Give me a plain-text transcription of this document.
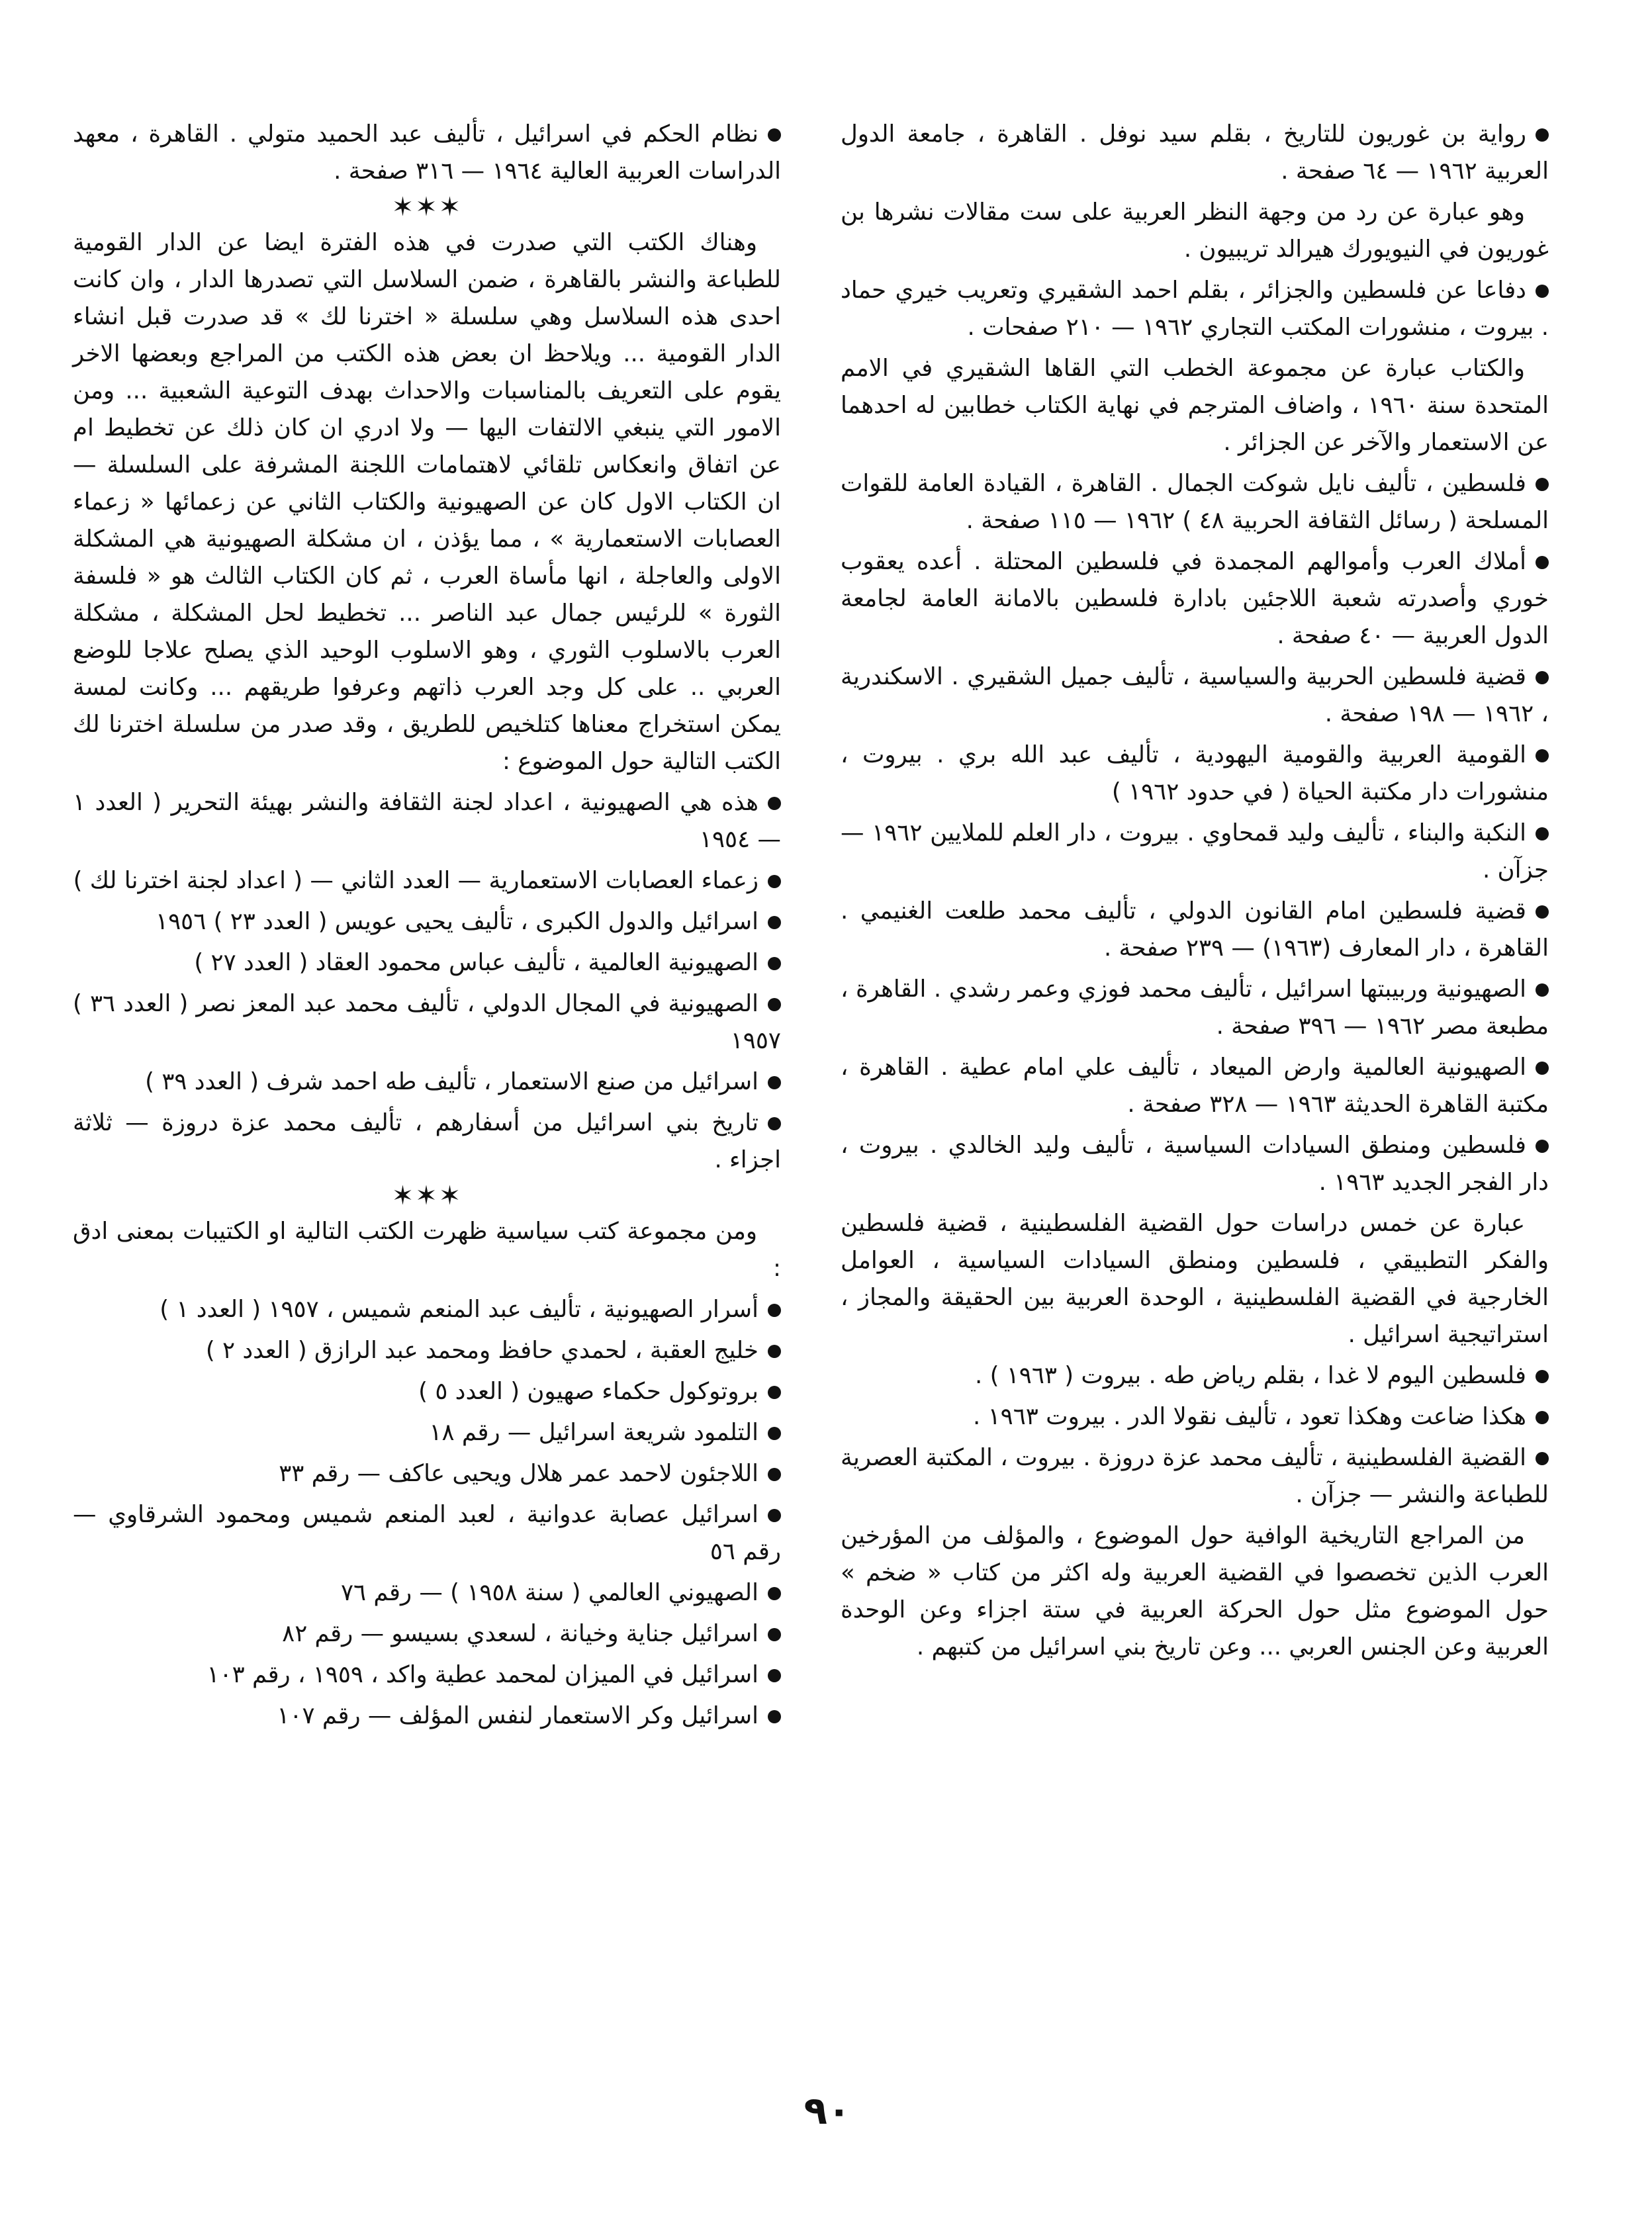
رواية بن غوريون للتاريخ ، بقلم سيد نوفل . القاهرة ، جامعة الدول العربية ١٩٦٢ — ٦٤ صفحة .
وهو عبارة عن رد من وجهة النظر العربية على ست مقالات نشرها بن غوريون في النيويورك هيرالد تريبيون .
دفاعا عن فلسطين والجزائر ، بقلم احمد الشقيري وتعريب خيري حماد . بيروت ، منشورات المكتب التجاري ١٩٦٢ — ٢١٠ صفحات .
والكتاب عبارة عن مجموعة الخطب التي القاها الشقيري في الامم المتحدة سنة ١٩٦٠ ، واضاف المترجم في نهاية الكتاب خطابين له احدهما عن الاستعمار والآخر عن الجزائر .
فلسطين ، تأليف نايل شوكت الجمال . القاهرة ، القيادة العامة للقوات المسلحة ( رسائل الثقافة الحربية ٤٨ ) ١٩٦٢ — ١١٥ صفحة .
أملاك العرب وأموالهم المجمدة في فلسطين المحتلة . أعده يعقوب خوري وأصدرته شعبة اللاجئين بادارة فلسطين بالامانة العامة لجامعة الدول العربية — ٤٠ صفحة .
قضية فلسطين الحربية والسياسية ، تأليف جميل الشقيري . الاسكندرية ، ١٩٦٢ — ١٩٨ صفحة .
القومية العربية والقومية اليهودية ، تأليف عبد الله بري . بيروت ، منشورات دار مكتبة الحياة ( في حدود ١٩٦٢ )
النكبة والبناء ، تأليف وليد قمحاوي . بيروت ، دار العلم للملايين ١٩٦٢ — جزآن .
قضية فلسطين امام القانون الدولي ، تأليف محمد طلعت الغنيمي . القاهرة ، دار المعارف (١٩٦٣) — ٢٣٩ صفحة .
الصهيونية وربيبتها اسرائيل ، تأليف محمد فوزي وعمر رشدي . القاهرة ، مطبعة مصر ١٩٦٢ — ٣٩٦ صفحة .
الصهيونية العالمية وارض الميعاد ، تأليف علي امام عطية . القاهرة ، مكتبة القاهرة الحديثة ١٩٦٣ — ٣٢٨ صفحة .
فلسطين ومنطق السيادات السياسية ، تأليف وليد الخالدي . بيروت ، دار الفجر الجديد ١٩٦٣ .
عبارة عن خمس دراسات حول القضية الفلسطينية ، قضية فلسطين والفكر التطبيقي ، فلسطين ومنطق السيادات السياسية ، العوامل الخارجية في القضية الفلسطينية ، الوحدة العربية بين الحقيقة والمجاز ، استراتيجية اسرائيل .
فلسطين اليوم لا غدا ، بقلم رياض طه . بيروت ( ١٩٦٣ ) .
هكذا ضاعت وهكذا تعود ، تأليف نقولا الدر . بيروت ١٩٦٣ .
القضية الفلسطينية ، تأليف محمد عزة دروزة . بيروت ، المكتبة العصرية للطباعة والنشر — جزآن .
من المراجع التاريخية الوافية حول الموضوع ، والمؤلف من المؤرخين العرب الذين تخصصوا في القضية العربية وله اكثر من كتاب « ضخم » حول الموضوع مثل حول الحركة العربية في ستة اجزاء وعن الوحدة العربية وعن الجنس العربي ... وعن تاريخ بني اسرائيل من كتبهم .
نظام الحكم في اسرائيل ، تأليف عبد الحميد متولي . القاهرة ، معهد الدراسات العربية العالية ١٩٦٤ — ٣١٦ صفحة .
✶✶✶
وهناك الكتب التي صدرت في هذه الفترة ايضا عن الدار القومية للطباعة والنشر بالقاهرة ، ضمن السلاسل التي تصدرها الدار ، وان كانت احدى هذه السلاسل وهي سلسلة « اخترنا لك » قد صدرت قبل انشاء الدار القومية ... ويلاحظ ان بعض هذه الكتب من المراجع وبعضها الاخر يقوم على التعريف بالمناسبات والاحداث بهدف التوعية الشعبية ... ومن الامور التي ينبغي الالتفات اليها — ولا ادري ان كان ذلك عن تخطيط ام عن اتفاق وانعكاس تلقائي لاهتمامات اللجنة المشرفة على السلسلة — ان الكتاب الاول كان عن الصهيونية والكتاب الثاني عن زعمائها « زعماء العصابات الاستعمارية » ، مما يؤذن ، ان مشكلة الصهيونية هي المشكلة الاولى والعاجلة ، انها مأساة العرب ، ثم كان الكتاب الثالث هو « فلسفة الثورة » للرئيس جمال عبد الناصر ... تخطيط لحل المشكلة ، مشكلة العرب بالاسلوب الثوري ، وهو الاسلوب الوحيد الذي يصلح علاجا للوضع العربي .. على كل وجد العرب ذاتهم وعرفوا طريقهم ... وكانت لمسة يمكن استخراج معناها كتلخيص للطريق ، وقد صدر من سلسلة اخترنا لك الكتب التالية حول الموضوع :
هذه هي الصهيونية ، اعداد لجنة الثقافة والنشر بهيئة التحرير ( العدد ١ — ١٩٥٤
زعماء العصابات الاستعمارية — العدد الثاني — ( اعداد لجنة اخترنا لك )
اسرائيل والدول الكبرى ، تأليف يحيى عويس ( العدد ٢٣ ) ١٩٥٦
الصهيونية العالمية ، تأليف عباس محمود العقاد ( العدد ٢٧ )
الصهيونية في المجال الدولي ، تأليف محمد عبد المعز نصر ( العدد ٣٦ ) ١٩٥٧
اسرائيل من صنع الاستعمار ، تأليف طه احمد شرف ( العدد ٣٩ )
تاريخ بني اسرائيل من أسفارهم ، تأليف محمد عزة دروزة — ثلاثة اجزاء .
✶✶✶
ومن مجموعة كتب سياسية ظهرت الكتب التالية او الكتيبات بمعنى ادق :
أسرار الصهيونية ، تأليف عبد المنعم شميس ، ١٩٥٧ ( العدد ١ )
خليج العقبة ، لحمدي حافظ ومحمد عبد الرازق ( العدد ٢ )
بروتوكول حكماء صهيون ( العدد ٥ )
التلمود شريعة اسرائيل — رقم ١٨
اللاجئون لاحمد عمر هلال ويحيى عاكف — رقم ٣٣
اسرائيل عصابة عدوانية ، لعبد المنعم شميس ومحمود الشرقاوي — رقم ٥٦
الصهيوني العالمي ( سنة ١٩٥٨ ) — رقم ٧٦
اسرائيل جناية وخيانة ، لسعدي بسيسو — رقم ٨٢
اسرائيل في الميزان لمحمد عطية واكد ، ١٩٥٩ ، رقم ١٠٣
اسرائيل وكر الاستعمار لنفس المؤلف — رقم ١٠٧
٩٠
